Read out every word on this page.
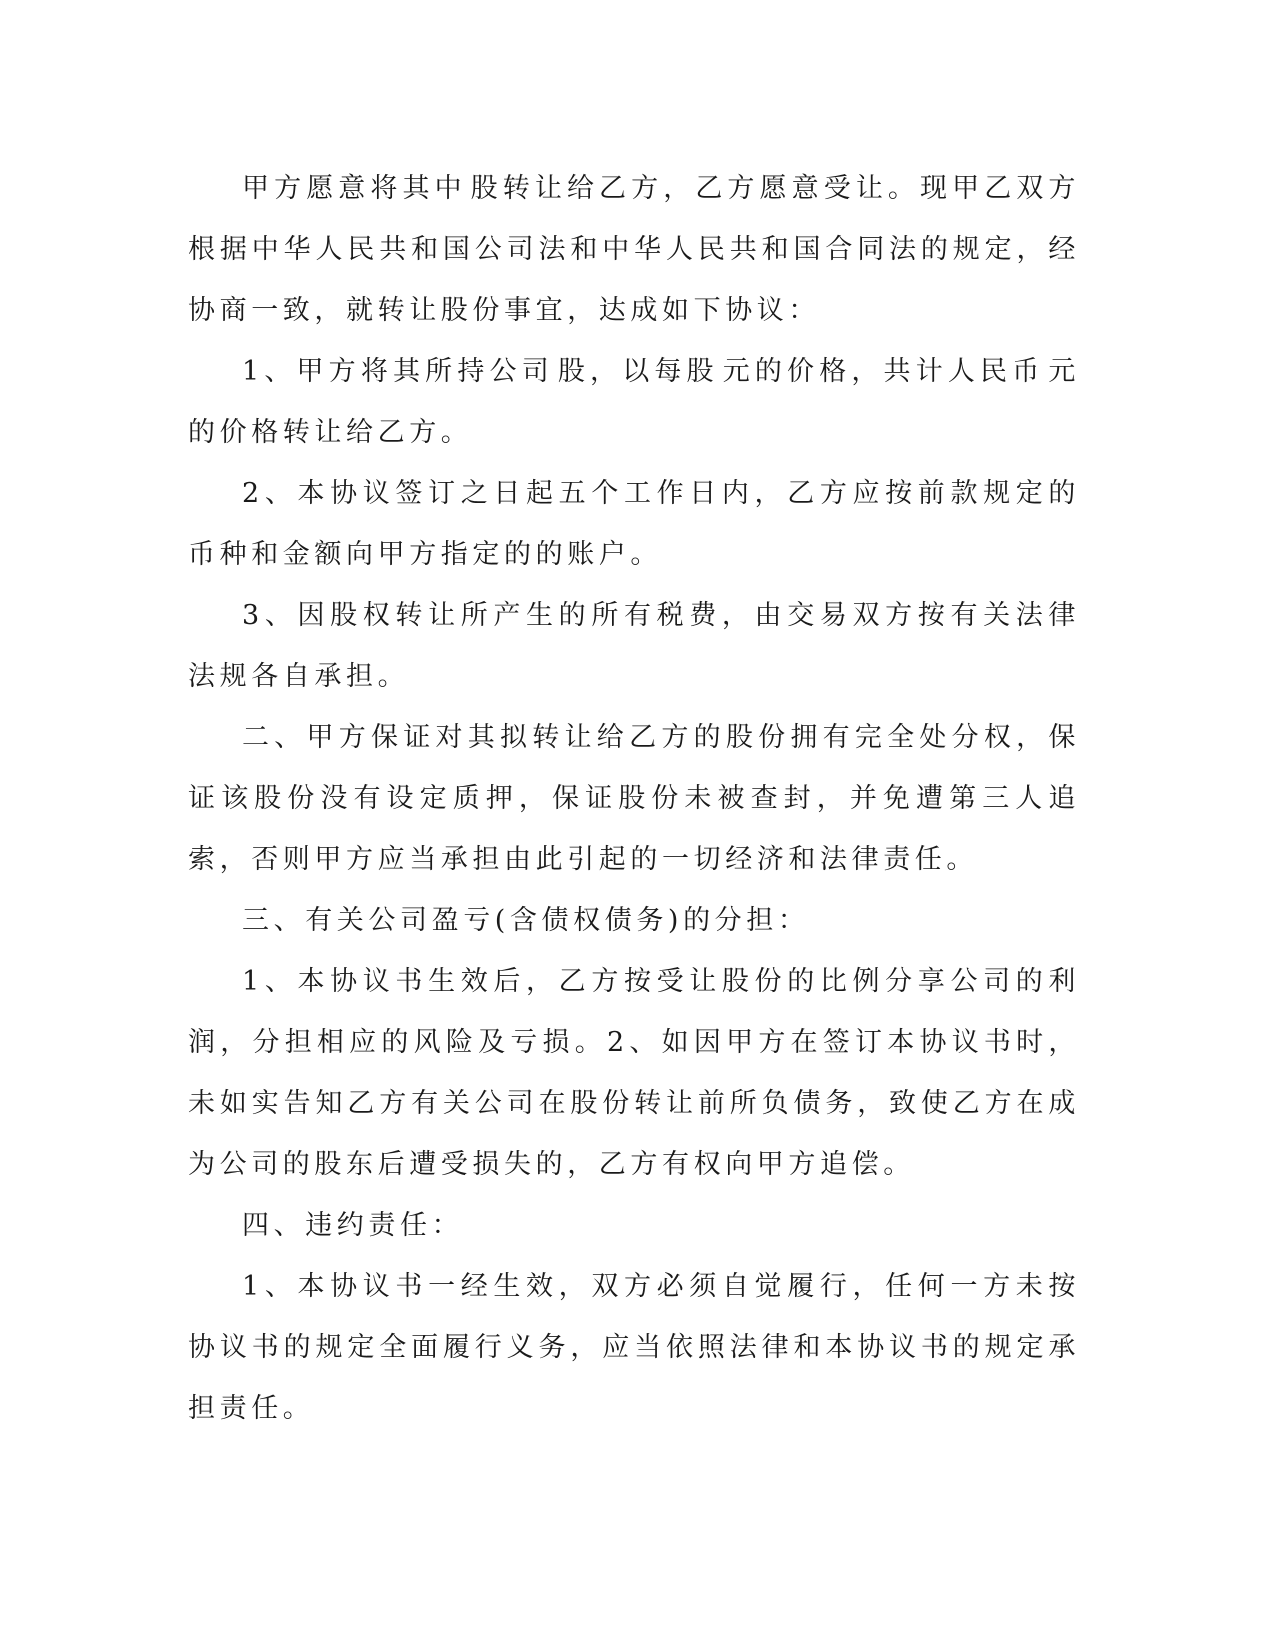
甲方愿意将其中 股转让给乙方，乙方愿意受让。现甲乙双方根据中华人民共和国公司法和中华人民共和国合同法的规定，经协商一致，就转让股份事宜，达成如下协议：

1、甲方将其所持公司 股，以每股 元的价格，共计人民币 元的价格转让给乙方。

2、本协议签订之日起五个工作日内，乙方应按前款规定的币种和金额向甲方指定的的账户。

3、因股权转让所产生的所有税费，由交易双方按有关法律法规各自承担。

二、甲方保证对其拟转让给乙方的股份拥有完全处分权，保证该股份没有设定质押，保证股份未被查封，并免遭第三人追索，否则甲方应当承担由此引起的一切经济和法律责任。

三、有关公司盈亏(含债权债务)的分担：

1、本协议书生效后，乙方按受让股份的比例分享公司的利润，分担相应的风险及亏损。2、如因甲方在签订本协议书时，未如实告知乙方有关公司在股份转让前所负债务，致使乙方在成为公司的股东后遭受损失的，乙方有权向甲方追偿。

四、违约责任：

1、本协议书一经生效，双方必须自觉履行，任何一方未按协议书的规定全面履行义务，应当依照法律和本协议书的规定承担责任。
